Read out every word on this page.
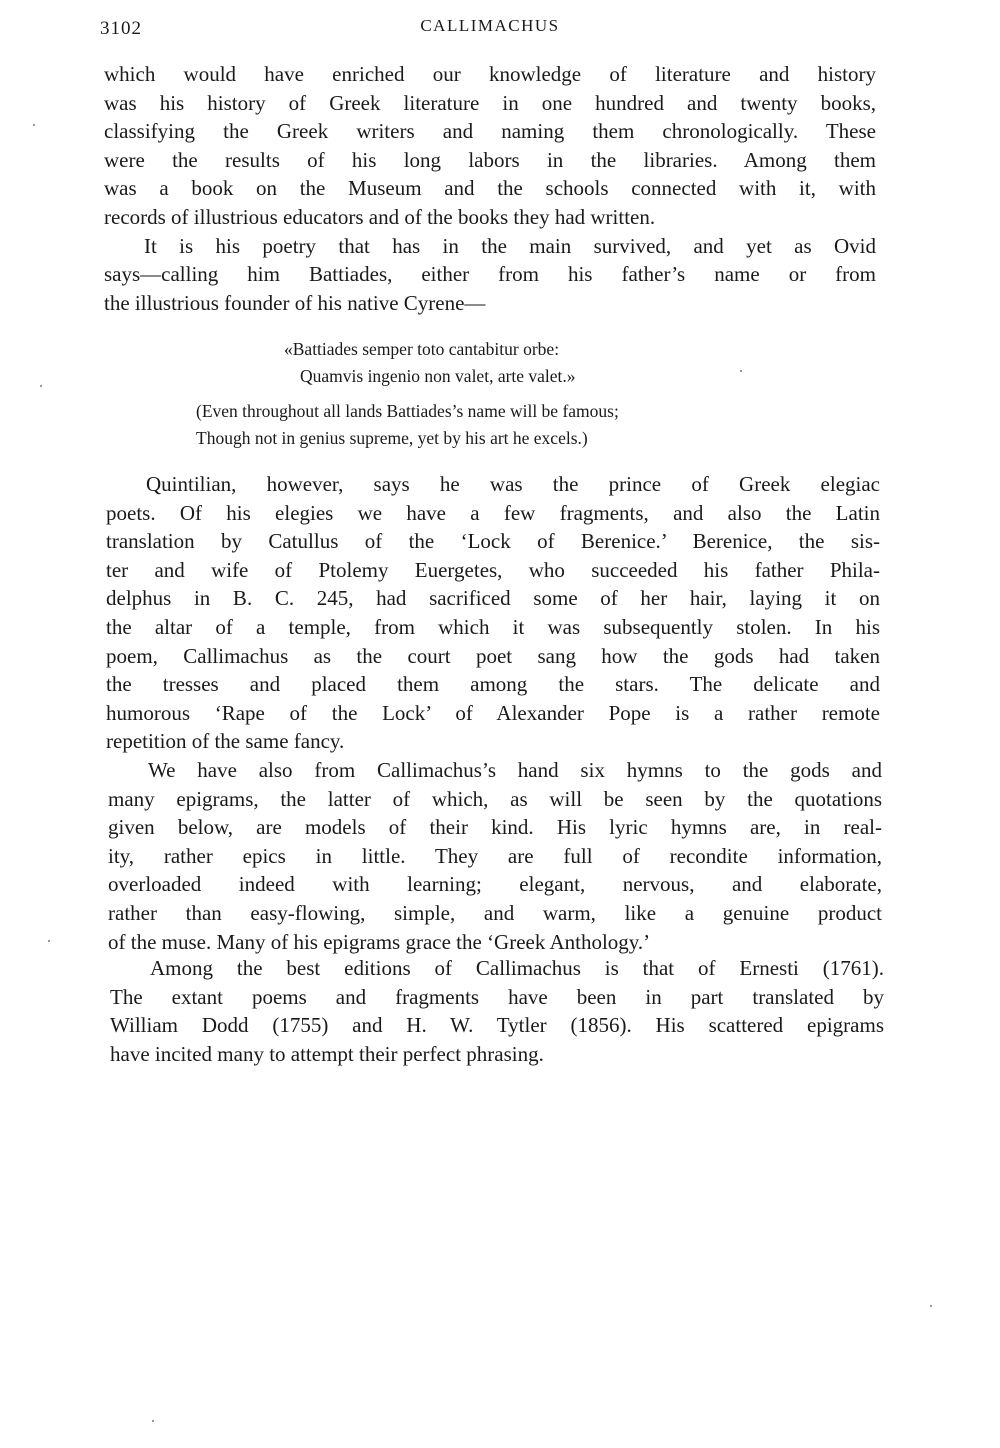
3102	CALLIMACHUS
which would have enriched our knowledge of literature and history
was his history of Greek literature in one hundred and twenty books,
classifying the Greek writers and naming them chronologically. These
were the results of his long labors in the libraries. Among them
was a book on the Museum and the schools connected with it, with
records of illustrious educators and of the books they had written.
It is his poetry that has in the main survived, and yet as Ovid
says—calling him Battiades, either from his father’s name or from
the illustrious founder of his native Cyrene—
«Battiades semper toto cantabitur orbe:
Quamvis ingenio non valet, arte valet.»
(Even throughout all lands Battiades’s name will be famous;
Though not in genius supreme, yet by his art he excels.)
Quintilian, however, says he was the prince of Greek elegiac
poets. Of his elegies we have a few fragments, and also the Latin
translation by Catullus of the ‘Lock of Berenice.’ Berenice, the sis-
ter and wife of Ptolemy Euergetes, who succeeded his father Phila-
delphus in B. C. 245, had sacrificed some of her hair, laying it on
the altar of a temple, from which it was subsequently stolen. In his
poem, Callimachus as the court poet sang how the gods had taken
the tresses and placed them among the stars. The delicate and
humorous ‘Rape of the Lock’ of Alexander Pope is a rather remote
repetition of the same fancy.
We have also from Callimachus’s hand six hymns to the gods and
many epigrams, the latter of which, as will be seen by the quotations
given below, are models of their kind. His lyric hymns are, in real-
ity, rather epics in little. They are full of recondite information,
overloaded indeed with learning; elegant, nervous, and elaborate,
rather than easy-flowing, simple, and warm, like a genuine product
of the muse. Many of his epigrams grace the ‘Greek Anthology.’
Among the best editions of Callimachus is that of Ernesti (1761).
The extant poems and fragments have been in part translated by
William Dodd (1755) and H. W. Tytler (1856). His scattered epigrams
have incited many to attempt their perfect phrasing.
